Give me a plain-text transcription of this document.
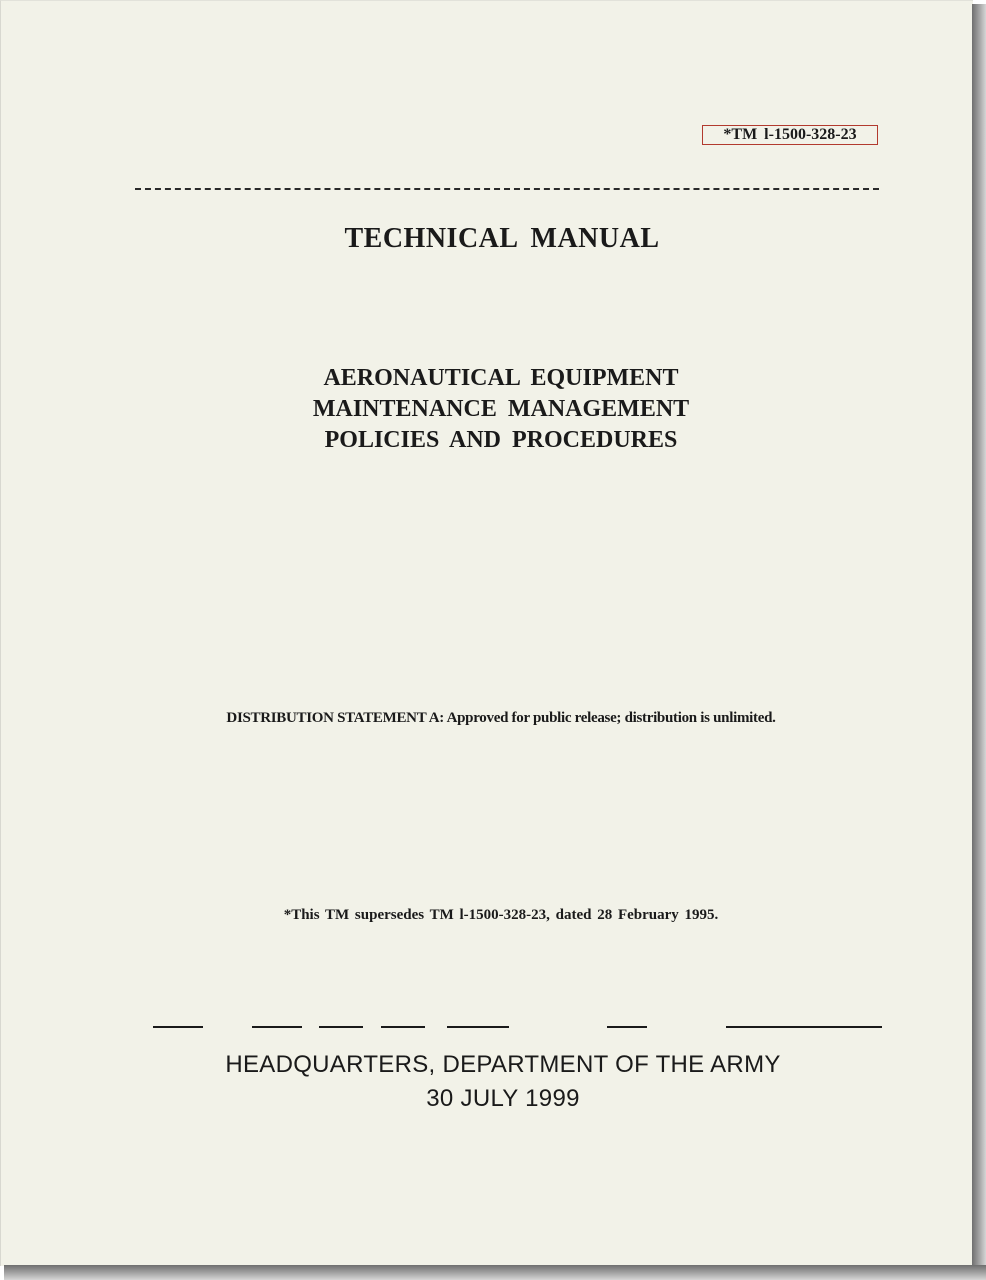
*TM l-1500-328-23
TECHNICAL MANUAL
AERONAUTICAL EQUIPMENT
MAINTENANCE MANAGEMENT
POLICIES AND PROCEDURES
DISTRIBUTION STATEMENT A: Approved for public release; distribution is unlimited.
*This TM supersedes TM l-1500-328-23, dated 28 February 1995.
HEADQUARTERS, DEPARTMENT OF THE ARMY
30 JULY 1999
